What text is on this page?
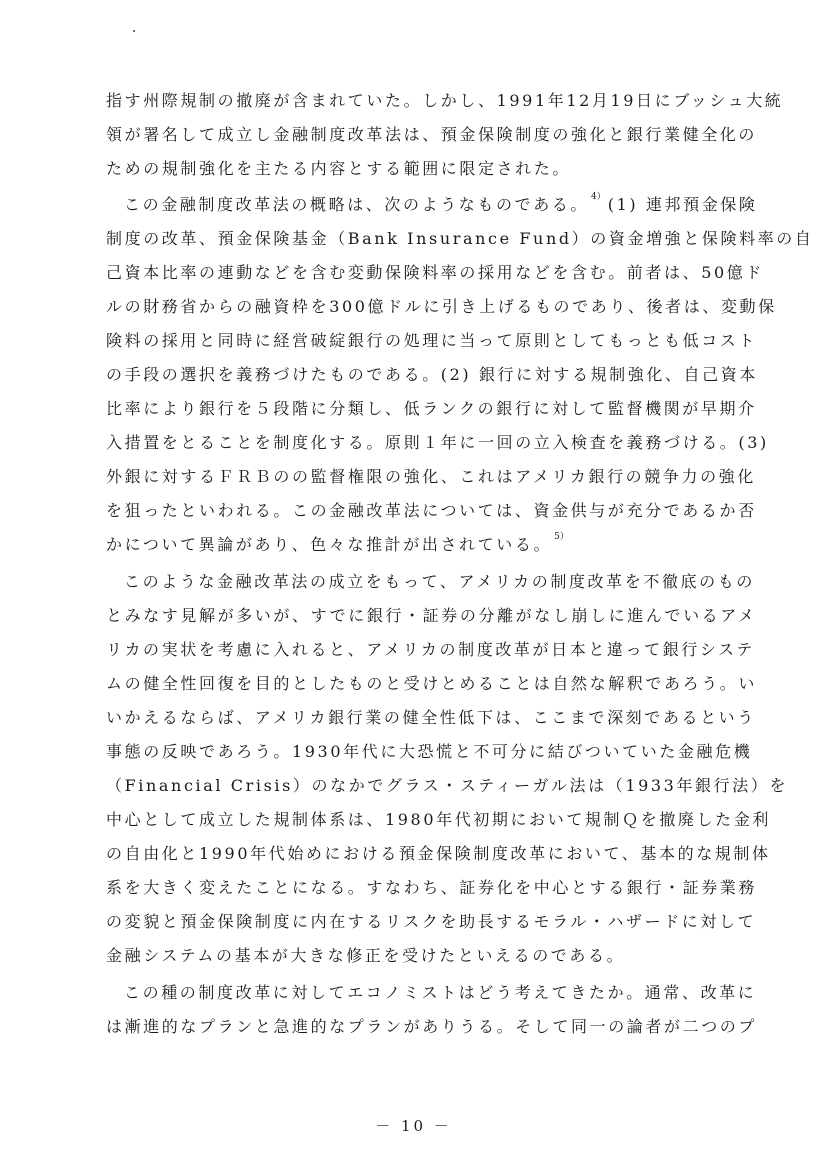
指す州際規制の撤廃が含まれていた。しかし、1991年12月19日にブッシュ大統
領が署名して成立し金融制度改革法は、預金保険制度の強化と銀行業健全化の
ための規制強化を主たる内容とする範囲に限定された。
この金融制度改革法の概略は、次のようなものである。 $^{4)}$ (1) 連邦預金保険
制度の改革、預金保険基金（Bank Insurance Fund）の資金増強と保険料率の自
己資本比率の連動などを含む変動保険料率の採用などを含む。前者は、50億ド
ルの財務省からの融資枠を300億ドルに引き上げるものであり、後者は、変動保
険料の採用と同時に経営破綻銀行の処理に当って原則としてもっとも低コスト
の手段の選択を義務づけたものである。(2) 銀行に対する規制強化、自己資本
比率により銀行を５段階に分類し、低ランクの銀行に対して監督機関が早期介
入措置をとることを制度化する。原則１年に一回の立入検査を義務づける。(3)
外銀に対するＦＲＢのの監督権限の強化、これはアメリカ銀行の競争力の強化
を狙ったといわれる。この金融改革法については、資金供与が充分であるか否
かについて異論があり、色々な推計が出されている。 $^{5)}$
このような金融改革法の成立をもって、アメリカの制度改革を不徹底のもの
とみなす見解が多いが、すでに銀行・証券の分離がなし崩しに進んでいるアメ
リカの実状を考慮に入れると、アメリカの制度改革が日本と違って銀行システ
ムの健全性回復を目的としたものと受けとめることは自然な解釈であろう。い
いかえるならば、アメリカ銀行業の健全性低下は、ここまで深刻であるという
事態の反映であろう。1930年代に大恐慌と不可分に結びついていた金融危機
（Financial Crisis）のなかでグラス・スティーガル法は（1933年銀行法）を
中心として成立した規制体系は、1980年代初期において規制Ｑを撤廃した金利
の自由化と1990年代始めにおける預金保険制度改革において、基本的な規制体
系を大きく変えたことになる。すなわち、証券化を中心とする銀行・証券業務
の変貌と預金保険制度に内在するリスクを助長するモラル・ハザードに対して
金融システムの基本が大きな修正を受けたといえるのである。
この種の制度改革に対してエコノミストはどう考えてきたか。通常、改革に
は漸進的なプランと急進的なプランがありうる。そして同一の論者が二つのプ
－ 10 －
